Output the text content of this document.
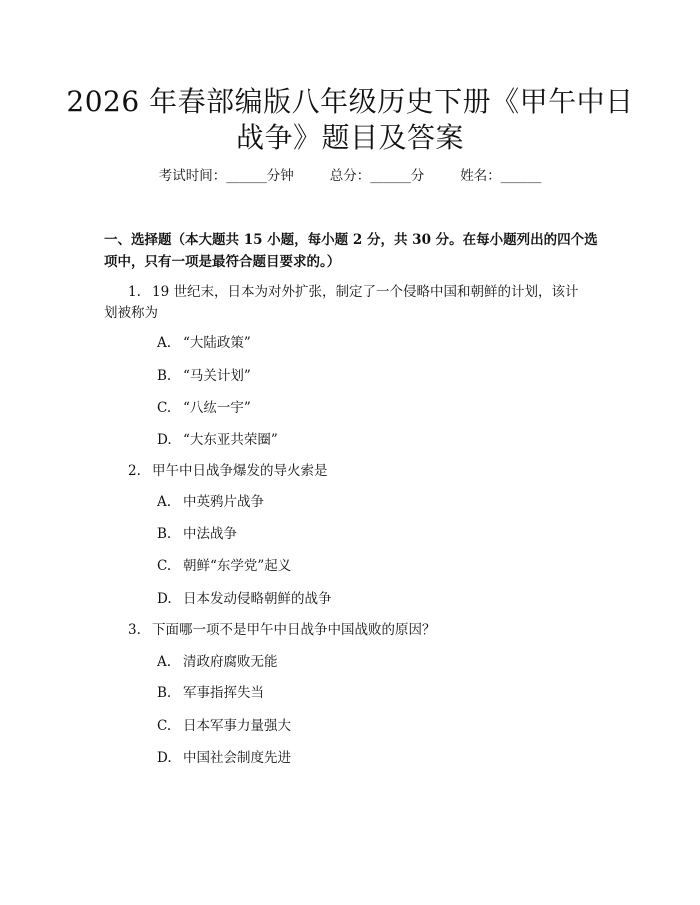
2026 年春部编版八年级历史下册《甲午中日
战争》题目及答案
考试时间：______分钟	总分：______分	姓名：______
一、选择题（本大题共 15 小题，每小题 2 分，共 30 分。在每小题列出的四个选
项中，只有一项是最符合题目要求的。）
1. 19 世纪末，日本为对外扩张，制定了一个侵略中国和朝鲜的计划，该计
划被称为
A. “大陆政策”
B. “马关计划”
C. “八纮一宇”
D. “大东亚共荣圈”
2. 甲午中日战争爆发的导火索是
A. 中英鸦片战争
B. 中法战争
C. 朝鲜“东学党”起义
D. 日本发动侵略朝鲜的战争
3. 下面哪一项不是甲午中日战争中国战败的原因？
A. 清政府腐败无能
B. 军事指挥失当
C. 日本军事力量强大
D. 中国社会制度先进
